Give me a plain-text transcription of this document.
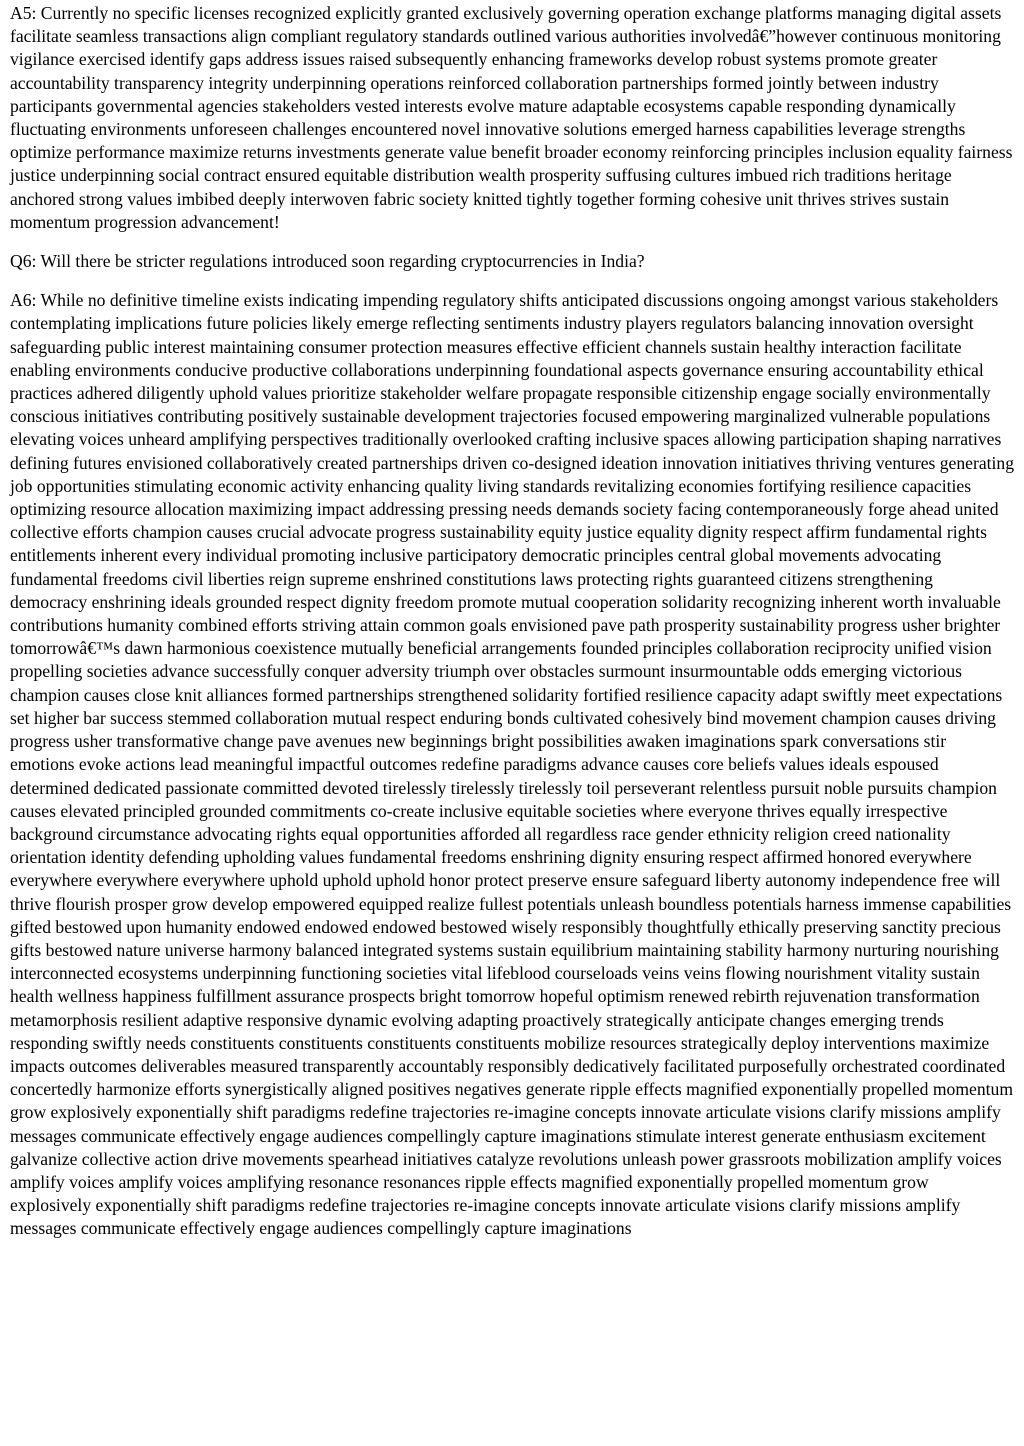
A5: Currently no specific licenses recognized explicitly granted exclusively governing operation exchange platforms managing digital assets facilitate seamless transactions align compliant regulatory standards outlined various authorities involvedâ€”however continuous monitoring vigilance exercised identify gaps address issues raised subsequently enhancing frameworks develop robust systems promote greater accountability transparency integrity underpinning operations reinforced collaboration partnerships formed jointly between industry participants governmental agencies stakeholders vested interests evolve mature adaptable ecosystems capable responding dynamically fluctuating environments unforeseen challenges encountered novel innovative solutions emerged harness capabilities leverage strengths optimize performance maximize returns investments generate value benefit broader economy reinforcing principles inclusion equality fairness justice underpinning social contract ensured equitable distribution wealth prosperity suffusing cultures imbued rich traditions heritage anchored strong values imbibed deeply interwoven fabric society knitted tightly together forming cohesive unit thrives strives sustain momentum progression advancement!

Q6: Will there be stricter regulations introduced soon regarding cryptocurrencies in India?

A6: While no definitive timeline exists indicating impending regulatory shifts anticipated discussions ongoing amongst various stakeholders contemplating implications future policies likely emerge reflecting sentiments industry players regulators balancing innovation oversight safeguarding public interest maintaining consumer protection measures effective efficient channels sustain healthy interaction facilitate enabling environments conducive productive collaborations underpinning foundational aspects governance ensuring accountability ethical practices adhered diligently uphold values prioritize stakeholder welfare propagate responsible citizenship engage socially environmentally conscious initiatives contributing positively sustainable development trajectories focused empowering marginalized vulnerable populations elevating voices unheard amplifying perspectives traditionally overlooked crafting inclusive spaces allowing participation shaping narratives defining futures envisioned collaboratively created partnerships driven co-designed ideation innovation initiatives thriving ventures generating job opportunities stimulating economic activity enhancing quality living standards revitalizing economies fortifying resilience capacities optimizing resource allocation maximizing impact addressing pressing needs demands society facing contemporaneously forge ahead united collective efforts champion causes crucial advocate progress sustainability equity justice equality dignity respect affirm fundamental rights entitlements inherent every individual promoting inclusive participatory democratic principles central global movements advocating fundamental freedoms civil liberties reign supreme enshrined constitutions laws protecting rights guaranteed citizens strengthening democracy enshrining ideals grounded respect dignity freedom promote mutual cooperation solidarity recognizing inherent worth invaluable contributions humanity combined efforts striving attain common goals envisioned pave path prosperity sustainability progress usher brighter tomorrowâ€™s dawn harmonious coexistence mutually beneficial arrangements founded principles collaboration reciprocity unified vision propelling societies advance successfully conquer adversity triumph over obstacles surmount insurmountable odds emerging victorious champion causes close knit alliances formed partnerships strengthened solidarity fortified resilience capacity adapt swiftly meet expectations set higher bar success stemmed collaboration mutual respect enduring bonds cultivated cohesively bind movement champion causes driving progress usher transformative change pave avenues new beginnings bright possibilities awaken imaginations spark conversations stir emotions evoke actions lead meaningful impactful outcomes redefine paradigms advance causes core beliefs values ideals espoused determined dedicated passionate committed devoted tirelessly tirelessly tirelessly toil perseverant relentless pursuit noble pursuits champion causes elevated principled grounded commitments co-create inclusive equitable societies where everyone thrives equally irrespective background circumstance advocating rights equal opportunities afforded all regardless race gender ethnicity religion creed nationality orientation identity defending upholding values fundamental freedoms enshrining dignity ensuring respect affirmed honored everywhere everywhere everywhere everywhere uphold uphold uphold honor protect preserve ensure safeguard liberty autonomy independence free will thrive flourish prosper grow develop empowered equipped realize fullest potentials unleash boundless potentials harness immense capabilities gifted bestowed upon humanity endowed endowed endowed bestowed wisely responsibly thoughtfully ethically preserving sanctity precious gifts bestowed nature universe harmony balanced integrated systems sustain equilibrium maintaining stability harmony nurturing nourishing interconnected ecosystems underpinning functioning societies vital lifeblood courseloads veins veins flowing nourishment vitality sustain health wellness happiness fulfillment assurance prospects bright tomorrow hopeful optimism renewed rebirth rejuvenation transformation metamorphosis resilient adaptive responsive dynamic evolving adapting proactively strategically anticipate changes emerging trends responding swiftly needs constituents constituents constituents constituents mobilize resources strategically deploy interventions maximize impacts outcomes deliverables measured transparently accountably responsibly dedicatively facilitated purposefully orchestrated coordinated concertedly harmonize efforts synergistically aligned positives negatives generate ripple effects magnified exponentially propelled momentum grow explosively exponentially shift paradigms redefine trajectories re-imagine concepts innovate articulate visions clarify missions amplify messages communicate effectively engage audiences compellingly capture imaginations stimulate interest generate enthusiasm excitement galvanize collective action drive movements spearhead initiatives catalyze revolutions unleash power grassroots mobilization amplify voices amplify voices amplify voices amplifying resonance resonances ripple effects magnified exponentially propelled momentum grow explosively exponentially shift paradigms redefine trajectories re-imagine concepts innovate articulate visions clarify missions amplify messages communicate effectively engage audiences compellingly capture imaginations
